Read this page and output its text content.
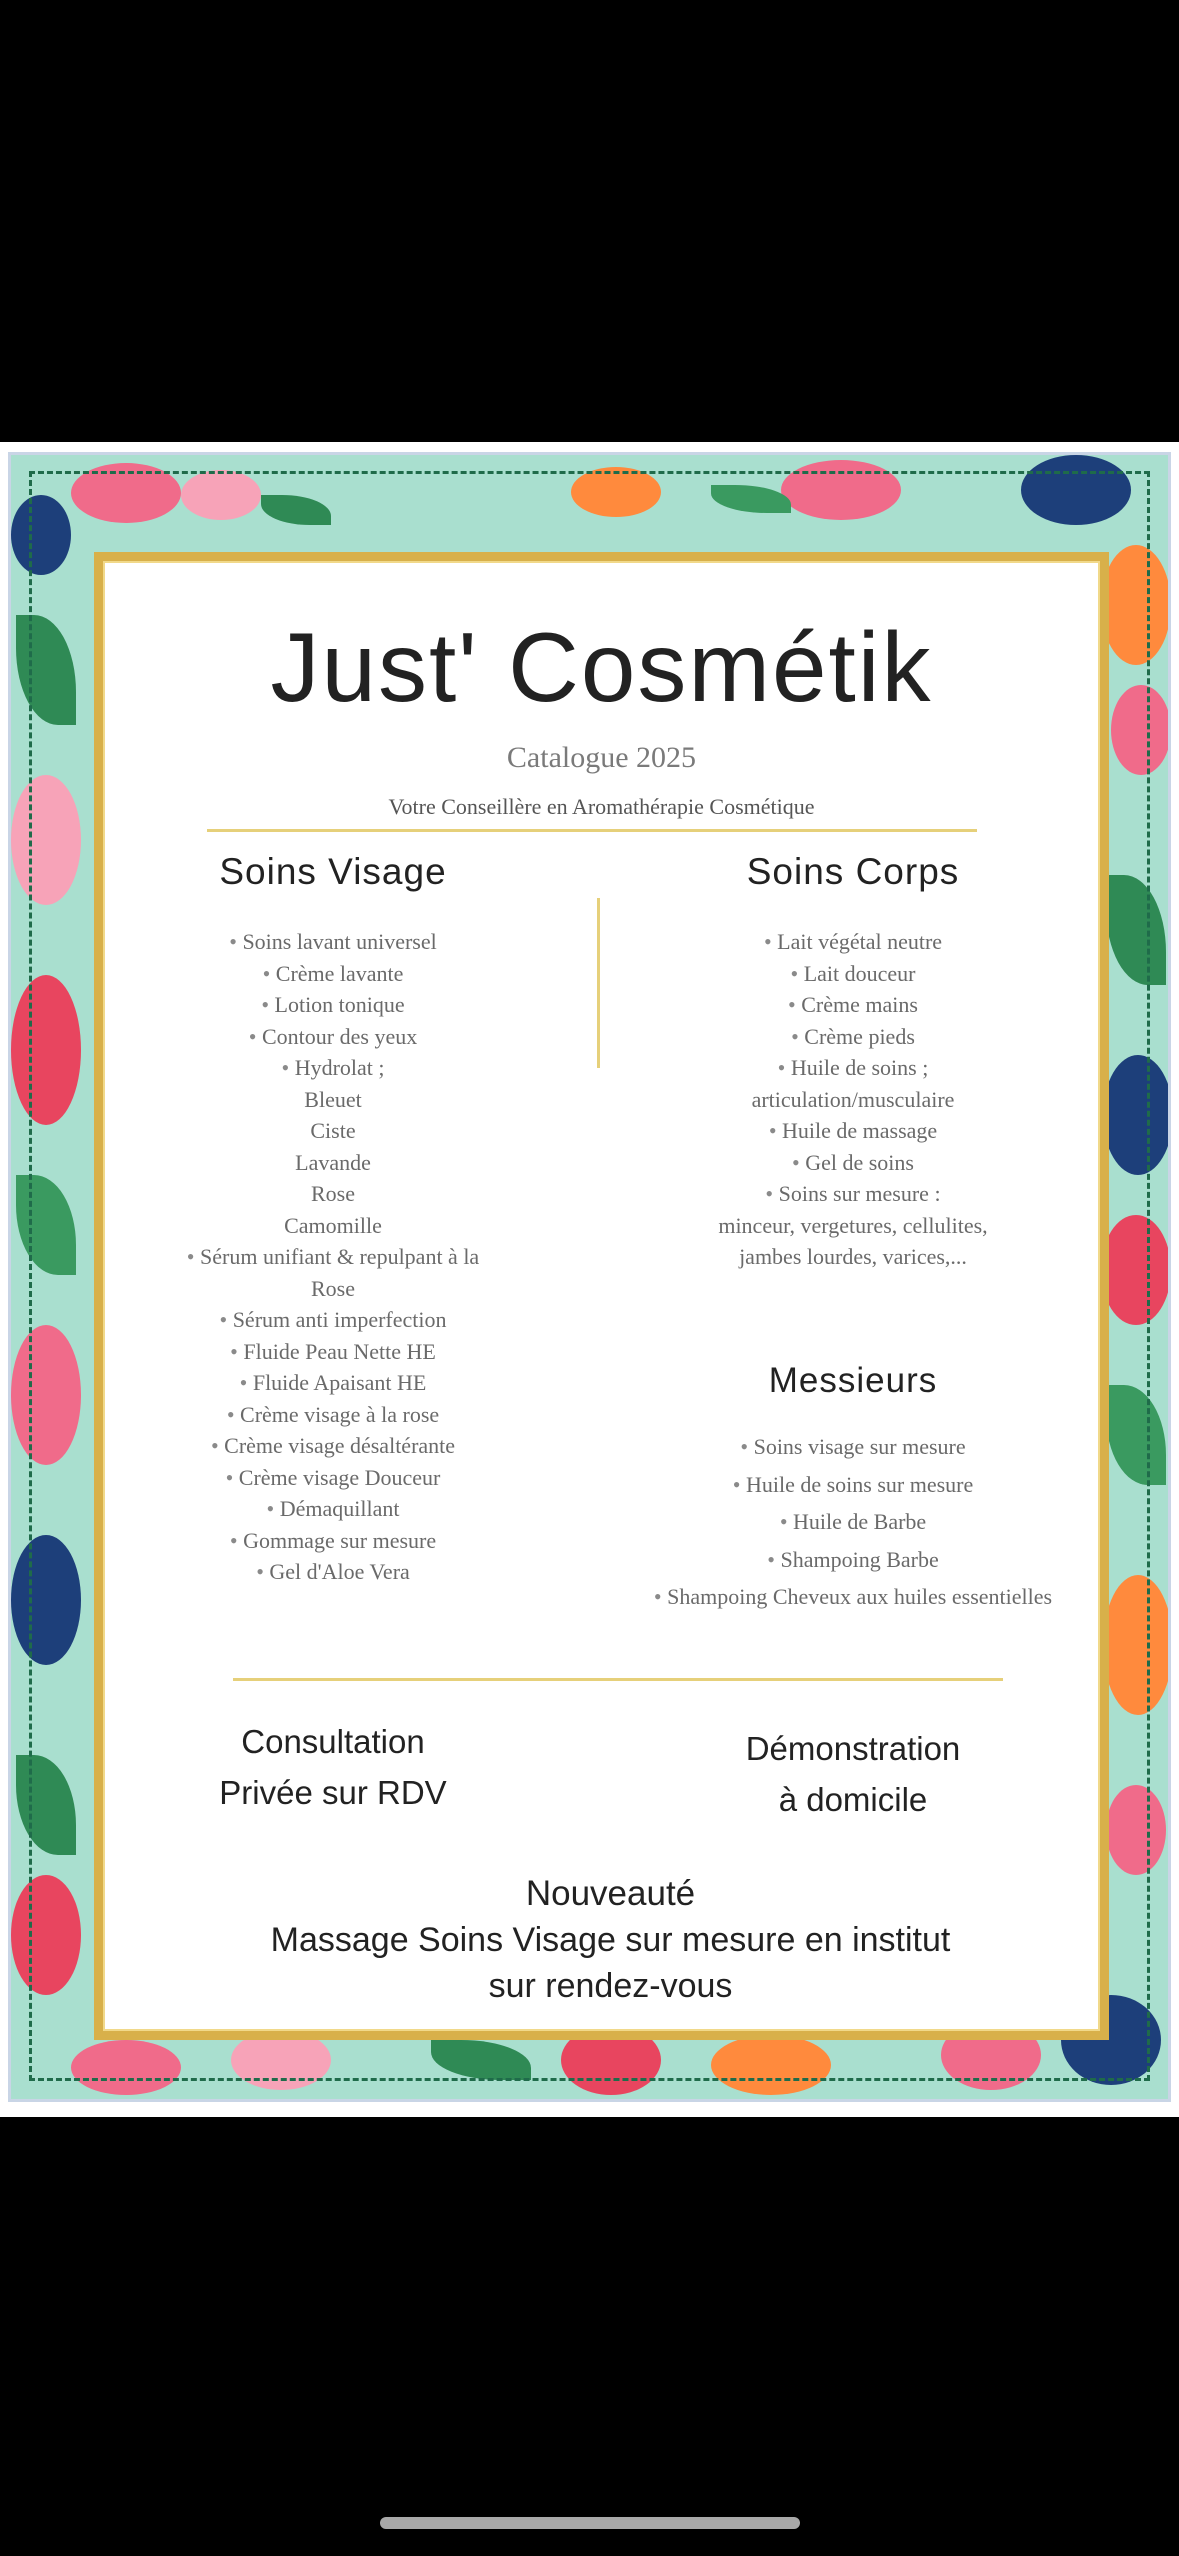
Just' Cosmétik
Catalogue 2025
Votre Conseillère en Aromathérapie Cosmétique
Soins Visage
• Soins lavant universel
• Crème lavante
• Lotion tonique
• Contour des yeux
• Hydrolat ;
Bleuet
Ciste
Lavande
Rose
Camomille
• Sérum unifiant & repulpant à la
Rose
• Sérum anti imperfection
• Fluide Peau Nette HE
• Fluide Apaisant HE
• Crème visage à la rose
• Crème visage désaltérante
• Crème visage Douceur
• Démaquillant
• Gommage sur mesure
• Gel d'Aloe Vera
Soins Corps
• Lait végétal neutre
• Lait douceur
• Crème mains
• Crème pieds
• Huile de soins ;
articulation/musculaire
• Huile de massage
• Gel de soins
• Soins sur mesure :
minceur, vergetures, cellulites,
jambes lourdes, varices,...
Messieurs
• Soins visage sur mesure
• Huile de soins sur mesure
• Huile de Barbe
• Shampoing Barbe
• Shampoing Cheveux aux huiles essentielles
Consultation
Privée sur RDV
Démonstration
à domicile
Nouveauté
Massage Soins Visage sur mesure en institut
sur rendez-vous
